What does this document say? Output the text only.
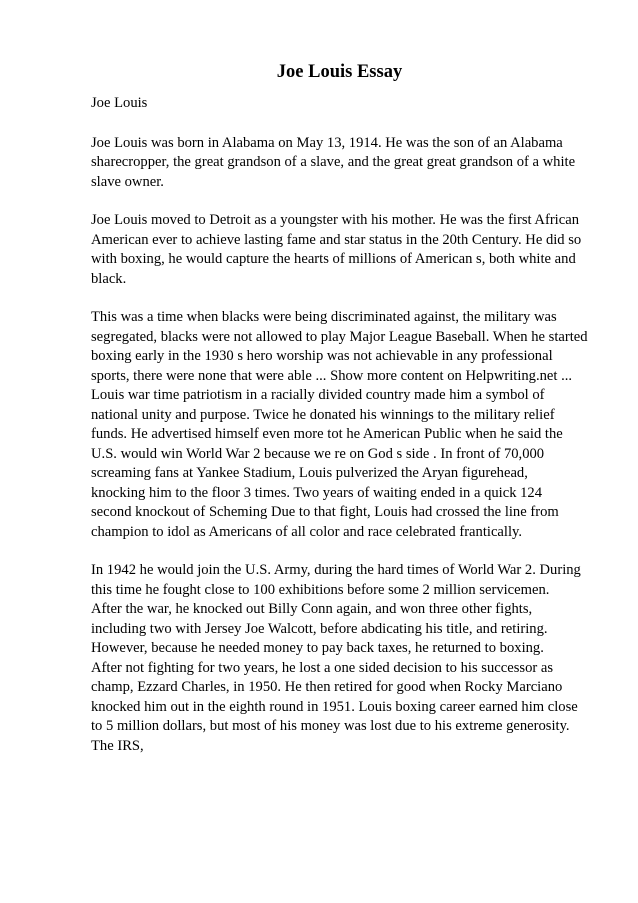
Joe Louis Essay

Joe Louis

Joe Louis was born in Alabama on May 13, 1914. He was the son of an Alabama
sharecropper, the great grandson of a slave, and the great great grandson of a white
slave owner.

Joe Louis moved to Detroit as a youngster with his mother. He was the first African
American ever to achieve lasting fame and star status in the 20th Century. He did so
with boxing, he would capture the hearts of millions of American s, both white and
black.

This was a time when blacks were being discriminated against, the military was
segregated, blacks were not allowed to play Major League Baseball. When he started
boxing early in the 1930 s hero worship was not achievable in any professional
sports, there were none that were able ... Show more content on Helpwriting.net ...
Louis war time patriotism in a racially divided country made him a symbol of
national unity and purpose. Twice he donated his winnings to the military relief
funds. He advertised himself even more tot he American Public when he said the
U.S. would win World War 2 because we re on God s side . In front of 70,000
screaming fans at Yankee Stadium, Louis pulverized the Aryan figurehead,
knocking him to the floor 3 times. Two years of waiting ended in a quick 124
second knockout of Scheming Due to that fight, Louis had crossed the line from
champion to idol as Americans of all color and race celebrated frantically.

In 1942 he would join the U.S. Army, during the hard times of World War 2. During
this time he fought close to 100 exhibitions before some 2 million servicemen.
After the war, he knocked out Billy Conn again, and won three other fights,
including two with Jersey Joe Walcott, before abdicating his title, and retiring.
However, because he needed money to pay back taxes, he returned to boxing.
After not fighting for two years, he lost a one sided decision to his successor as
champ, Ezzard Charles, in 1950. He then retired for good when Rocky Marciano
knocked him out in the eighth round in 1951. Louis boxing career earned him close
to 5 million dollars, but most of his money was lost due to his extreme generosity.
The IRS,
